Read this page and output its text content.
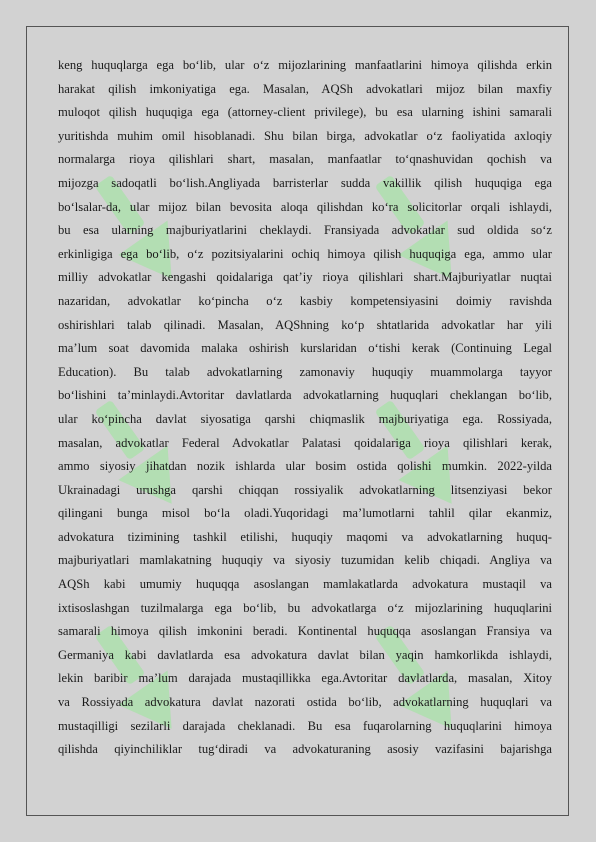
keng huquqlarga ega bo‘lib, ular o‘z mijozlarining manfaatlarini himoya qilishda erkin
harakat qilish imkoniyatiga ega. Masalan, AQSh advokatlari mijoz bilan maxfiy
muloqot qilish huquqiga ega (attorney-client privilege), bu esa ularning ishini samarali
yuritishda muhim omil hisoblanadi. Shu bilan birga, advokatlar o‘z faoliyatida axloqiy
normalarga rioya qilishlari shart, masalan, manfaatlar to‘qnashuvidan qochish va
mijozga sadoqatli bo‘lish.Angliyada barristerlar sudda vakillik qilish huquqiga ega
bo‘lsalar-da, ular mijoz bilan bevosita aloqa qilishdan ko‘ra solicitorlar orqali ishlaydi,
bu esa ularning majburiyatlarini cheklaydi. Fransiyada advokatlar sud oldida so‘z
erkinligiga ega bo‘lib, o‘z pozitsiyalarini ochiq himoya qilish huquqiga ega, ammo ular
milliy advokatlar kengashi qoidalariga qat’iy rioya qilishlari shart.Majburiyatlar nuqtai
nazaridan, advokatlar ko‘pincha o‘z kasbiy kompetensiyasini doimiy ravishda
oshirishlari talab qilinadi. Masalan, AQShning ko‘p shtatlarida advokatlar har yili
ma’lum soat davomida malaka oshirish kurslaridan o‘tishi kerak (Continuing Legal
Education). Bu talab advokatlarning zamonaviy huquqiy muammolarga tayyor
bo‘lishini ta’minlaydi.Avtoritar davlatlarda advokatlarning huquqlari cheklangan bo‘lib,
ular ko‘pincha davlat siyosatiga qarshi chiqmaslik majburiyatiga ega. Rossiyada,
masalan, advokatlar Federal Advokatlar Palatasi qoidalariga rioya qilishlari kerak,
ammo siyosiy jihatdan nozik ishlarda ular bosim ostida qolishi mumkin. 2022-yilda
Ukrainadagi urushga qarshi chiqqan rossiyalik advokatlarning litsenziyasi bekor
qilingani bunga misol bo‘la oladi.Yuqoridagi ma’lumotlarni tahlil qilar ekanmiz,
advokatura tizimining tashkil etilishi, huquqiy maqomi va advokatlarning huquq-
majburiyatlari mamlakatning huquqiy va siyosiy tuzumidan kelib chiqadi. Angliya va
AQSh kabi umumiy huquqqa asoslangan mamlakatlarda advokatura mustaqil va
ixtisoslashgan tuzilmalarga ega bo‘lib, bu advokatlarga o‘z mijozlarining huquqlarini
samarali himoya qilish imkonini beradi. Kontinental huquqqa asoslangan Fransiya va
Germaniya kabi davlatlarda esa advokatura davlat bilan yaqin hamkorlikda ishlaydi,
lekin baribir ma’lum darajada mustaqillikka ega.Avtoritar davlatlarda, masalan, Xitoy
va Rossiyada advokatura davlat nazorati ostida bo‘lib, advokatlarning huquqlari va
mustaqilligi sezilarli darajada cheklanadi. Bu esa fuqarolarning huquqlarini himoya
qilishda qiyinchiliklar tug‘diradi va advokaturaning asosiy vazifasini bajarishga
